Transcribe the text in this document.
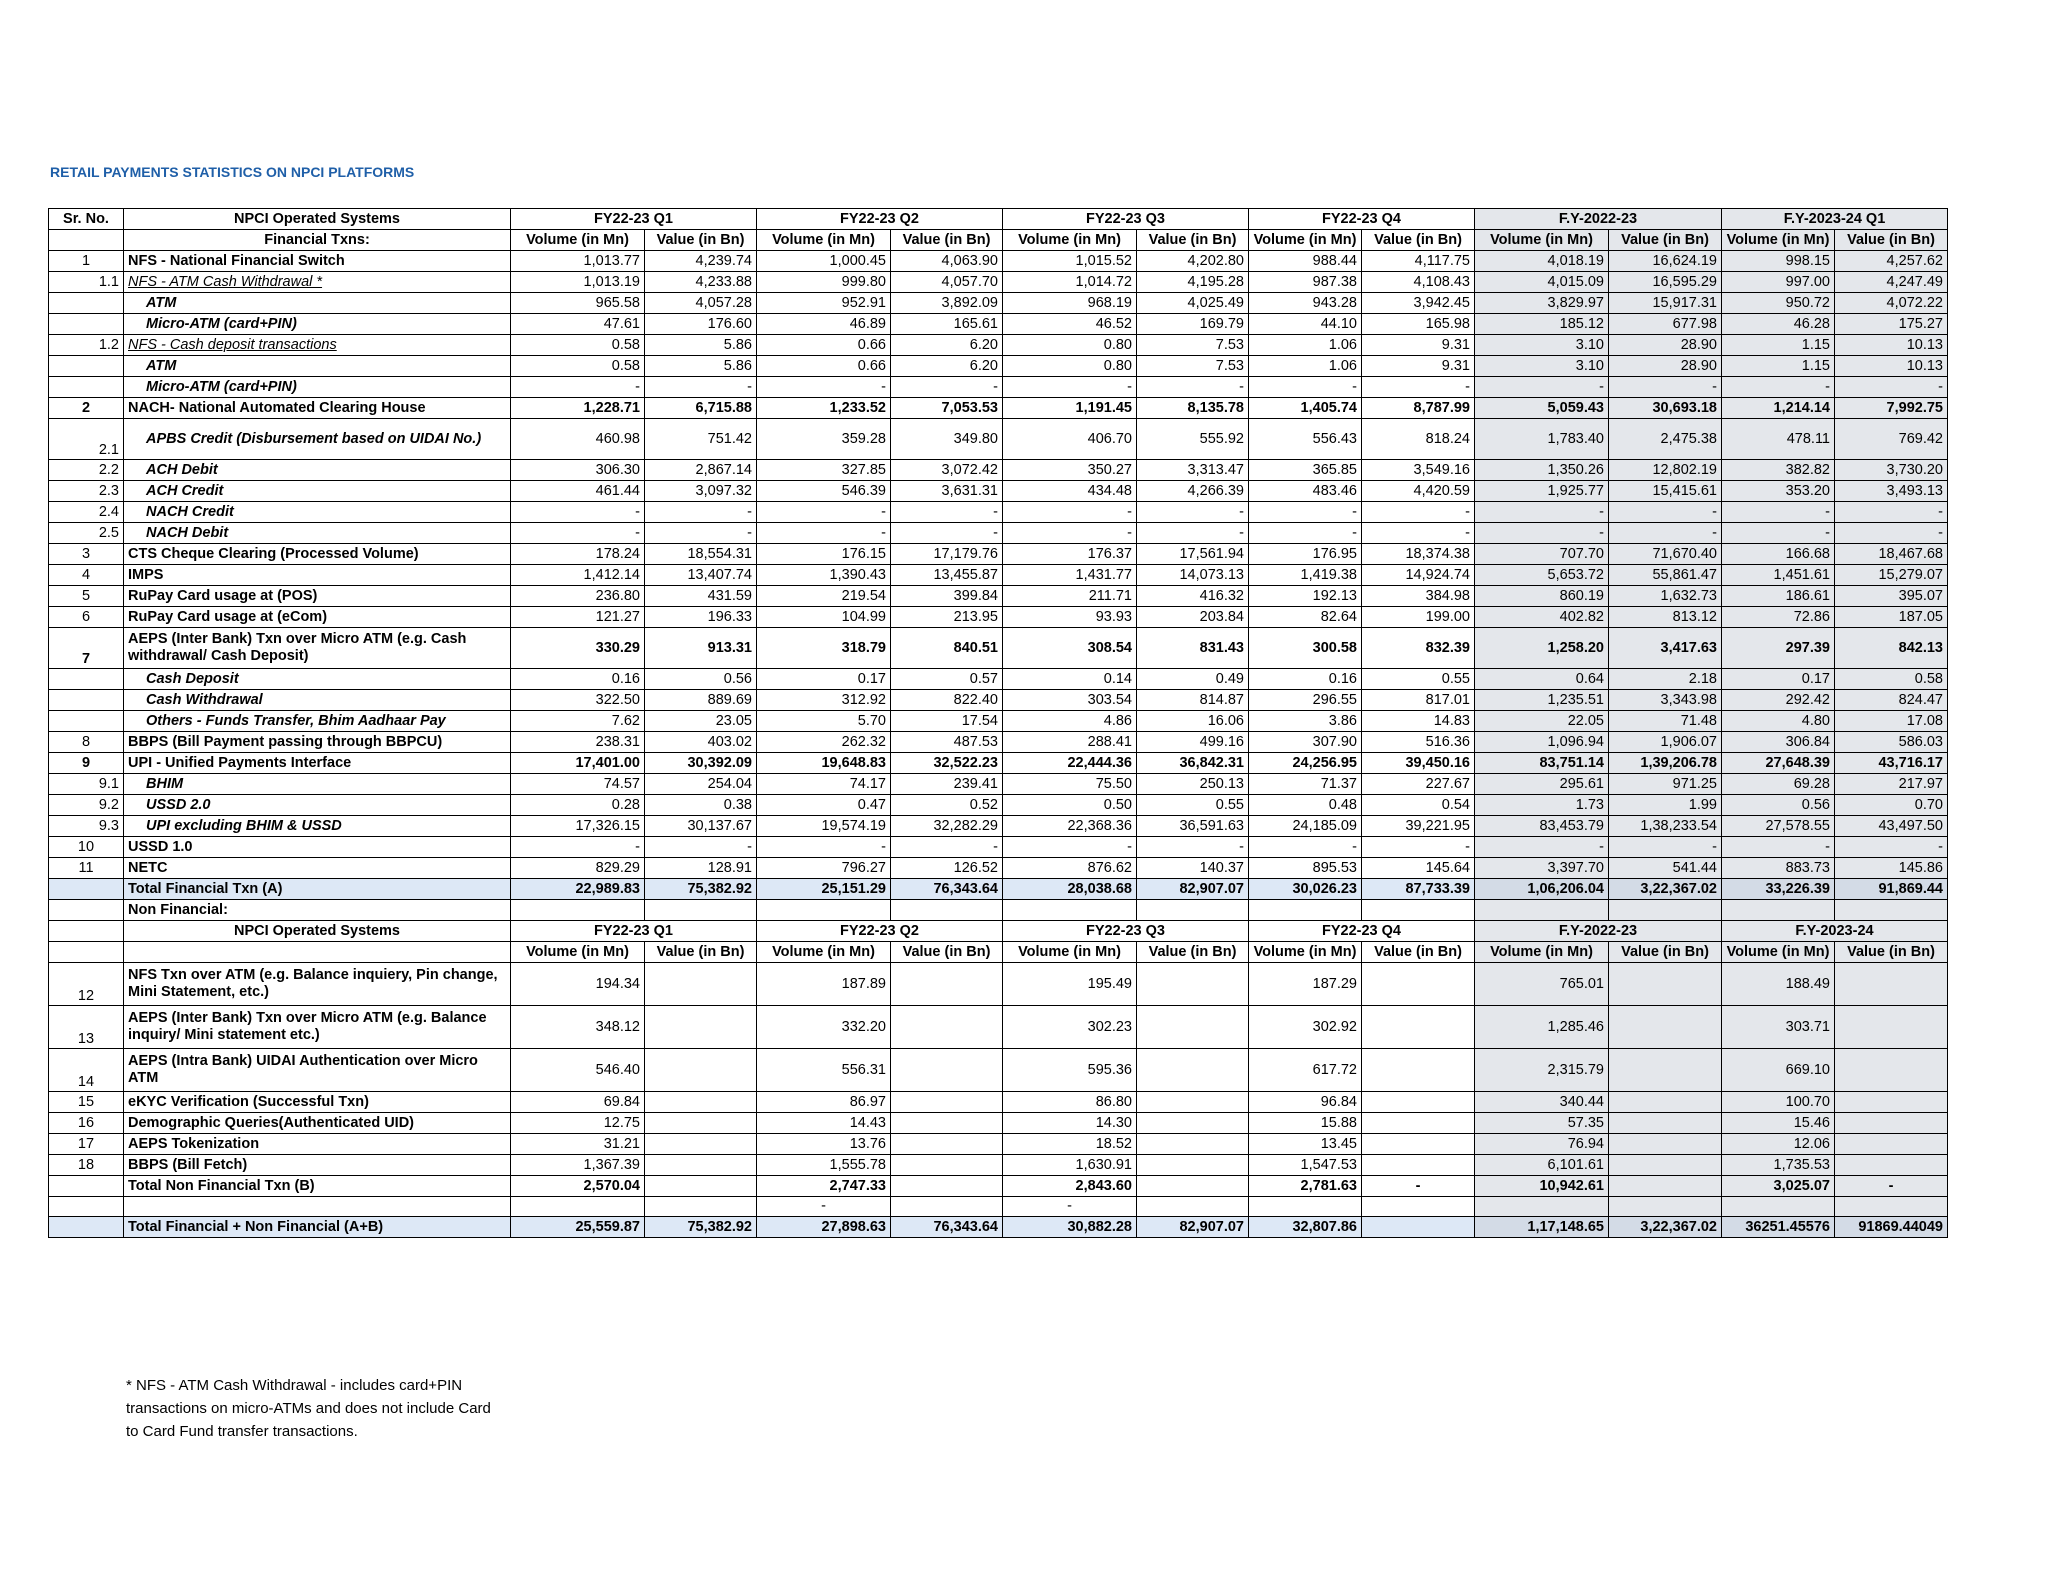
RETAIL PAYMENTS STATISTICS ON NPCI PLATFORMS
Sr. No.	NPCI Operated Systems	FY22-23 Q1		FY22-23 Q2		FY22-23 Q3		FY22-23 Q4		F.Y-2022-23		F.Y-2023-24 Q1	
	Financial Txns:	Volume (in Mn)	Value (in Bn)	Volume (in Mn)	Value (in Bn)	Volume (in Mn)	Value (in Bn)	Volume (in Mn)	Value (in Bn)	Volume (in Mn)	Value (in Bn)	Volume (in Mn)	Value (in Bn)
1	NFS - National Financial Switch	1,013.77	4,239.74	1,000.45	4,063.90	1,015.52	4,202.80	988.44	4,117.75	4,018.19	16,624.19	998.15	4,257.62
1.1	NFS - ATM Cash Withdrawal *	1,013.19	4,233.88	999.80	4,057.70	1,014.72	4,195.28	987.38	4,108.43	4,015.09	16,595.29	997.00	4,247.49
	ATM	965.58	4,057.28	952.91	3,892.09	968.19	4,025.49	943.28	3,942.45	3,829.97	15,917.31	950.72	4,072.22
	Micro-ATM (card+PIN)	47.61	176.60	46.89	165.61	46.52	169.79	44.10	165.98	185.12	677.98	46.28	175.27
1.2	NFS - Cash deposit transactions	0.58	5.86	0.66	6.20	0.80	7.53	1.06	9.31	3.10	28.90	1.15	10.13
	ATM	0.58	5.86	0.66	6.20	0.80	7.53	1.06	9.31	3.10	28.90	1.15	10.13
	Micro-ATM (card+PIN)	-	-	-	-	-	-	-	-	-	-	-	-
2	NACH- National Automated Clearing House	1,228.71	6,715.88	1,233.52	7,053.53	1,191.45	8,135.78	1,405.74	8,787.99	5,059.43	30,693.18	1,214.14	7,992.75
2.1	APBS Credit (Disbursement based on UIDAI No.)	460.98	751.42	359.28	349.80	406.70	555.92	556.43	818.24	1,783.40	2,475.38	478.11	769.42
2.2	ACH Debit	306.30	2,867.14	327.85	3,072.42	350.27	3,313.47	365.85	3,549.16	1,350.26	12,802.19	382.82	3,730.20
2.3	ACH Credit	461.44	3,097.32	546.39	3,631.31	434.48	4,266.39	483.46	4,420.59	1,925.77	15,415.61	353.20	3,493.13
2.4	NACH Credit	-	-	-	-	-	-	-	-	-	-	-	-
2.5	NACH Debit	-	-	-	-	-	-	-	-	-	-	-	-
3	CTS Cheque Clearing (Processed Volume)	178.24	18,554.31	176.15	17,179.76	176.37	17,561.94	176.95	18,374.38	707.70	71,670.40	166.68	18,467.68
4	IMPS	1,412.14	13,407.74	1,390.43	13,455.87	1,431.77	14,073.13	1,419.38	14,924.74	5,653.72	55,861.47	1,451.61	15,279.07
5	RuPay Card usage at (POS)	236.80	431.59	219.54	399.84	211.71	416.32	192.13	384.98	860.19	1,632.73	186.61	395.07
6	RuPay Card usage at (eCom)	121.27	196.33	104.99	213.95	93.93	203.84	82.64	199.00	402.82	813.12	72.86	187.05
7	AEPS (Inter Bank) Txn over Micro ATM (e.g. Cash withdrawal/ Cash Deposit)	330.29	913.31	318.79	840.51	308.54	831.43	300.58	832.39	1,258.20	3,417.63	297.39	842.13
	Cash Deposit	0.16	0.56	0.17	0.57	0.14	0.49	0.16	0.55	0.64	2.18	0.17	0.58
	Cash Withdrawal	322.50	889.69	312.92	822.40	303.54	814.87	296.55	817.01	1,235.51	3,343.98	292.42	824.47
	Others - Funds Transfer, Bhim Aadhaar Pay	7.62	23.05	5.70	17.54	4.86	16.06	3.86	14.83	22.05	71.48	4.80	17.08
8	BBPS (Bill Payment passing through BBPCU)	238.31	403.02	262.32	487.53	288.41	499.16	307.90	516.36	1,096.94	1,906.07	306.84	586.03
9	UPI - Unified Payments Interface	17,401.00	30,392.09	19,648.83	32,522.23	22,444.36	36,842.31	24,256.95	39,450.16	83,751.14	1,39,206.78	27,648.39	43,716.17
9.1	BHIM	74.57	254.04	74.17	239.41	75.50	250.13	71.37	227.67	295.61	971.25	69.28	217.97
9.2	USSD 2.0	0.28	0.38	0.47	0.52	0.50	0.55	0.48	0.54	1.73	1.99	0.56	0.70
9.3	UPI excluding BHIM & USSD	17,326.15	30,137.67	19,574.19	32,282.29	22,368.36	36,591.63	24,185.09	39,221.95	83,453.79	1,38,233.54	27,578.55	43,497.50
10	USSD 1.0	-	-	-	-	-	-	-	-	-	-	-	-
11	NETC	829.29	128.91	796.27	126.52	876.62	140.37	895.53	145.64	3,397.70	541.44	883.73	145.86
	Total Financial Txn (A)	22,989.83	75,382.92	25,151.29	76,343.64	28,038.68	82,907.07	30,026.23	87,733.39	1,06,206.04	3,22,367.02	33,226.39	91,869.44
	Non Financial:												
	NPCI Operated Systems	FY22-23 Q1		FY22-23 Q2		FY22-23 Q3		FY22-23 Q4		F.Y-2022-23		F.Y-2023-24	
		Volume (in Mn)	Value (in Bn)	Volume (in Mn)	Value (in Bn)	Volume (in Mn)	Value (in Bn)	Volume (in Mn)	Value (in Bn)	Volume (in Mn)	Value (in Bn)	Volume (in Mn)	Value (in Bn)
12	NFS Txn over ATM (e.g. Balance inquiery, Pin change, Mini Statement, etc.)	194.34		187.89		195.49		187.29		765.01		188.49	
13	AEPS (Inter Bank) Txn over Micro ATM (e.g. Balance inquiry/ Mini statement etc.)	348.12		332.20		302.23		302.92		1,285.46		303.71	
14	AEPS (Intra Bank) UIDAI Authentication over Micro ATM	546.40		556.31		595.36		617.72		2,315.79		669.10	
15	eKYC Verification (Successful Txn)	69.84		86.97		86.80		96.84		340.44		100.70	
16	Demographic Queries(Authenticated UID)	12.75		14.43		14.30		15.88		57.35		15.46	
17	AEPS Tokenization	31.21		13.76		18.52		13.45		76.94		12.06	
18	BBPS (Bill Fetch)	1,367.39		1,555.78		1,630.91		1,547.53		6,101.61		1,735.53	
	Total Non Financial Txn (B)	2,570.04		2,747.33		2,843.60		2,781.63	-	10,942.61		3,025.07	-
				-		-							
	Total Financial + Non Financial (A+B)	25,559.87	75,382.92	27,898.63	76,343.64	30,882.28	82,907.07	32,807.86		1,17,148.65	3,22,367.02	36251.45576	91869.44049
* NFS - ATM Cash Withdrawal - includes card+PIN transactions on micro-ATMs and does not include Card to Card Fund transfer transactions.
